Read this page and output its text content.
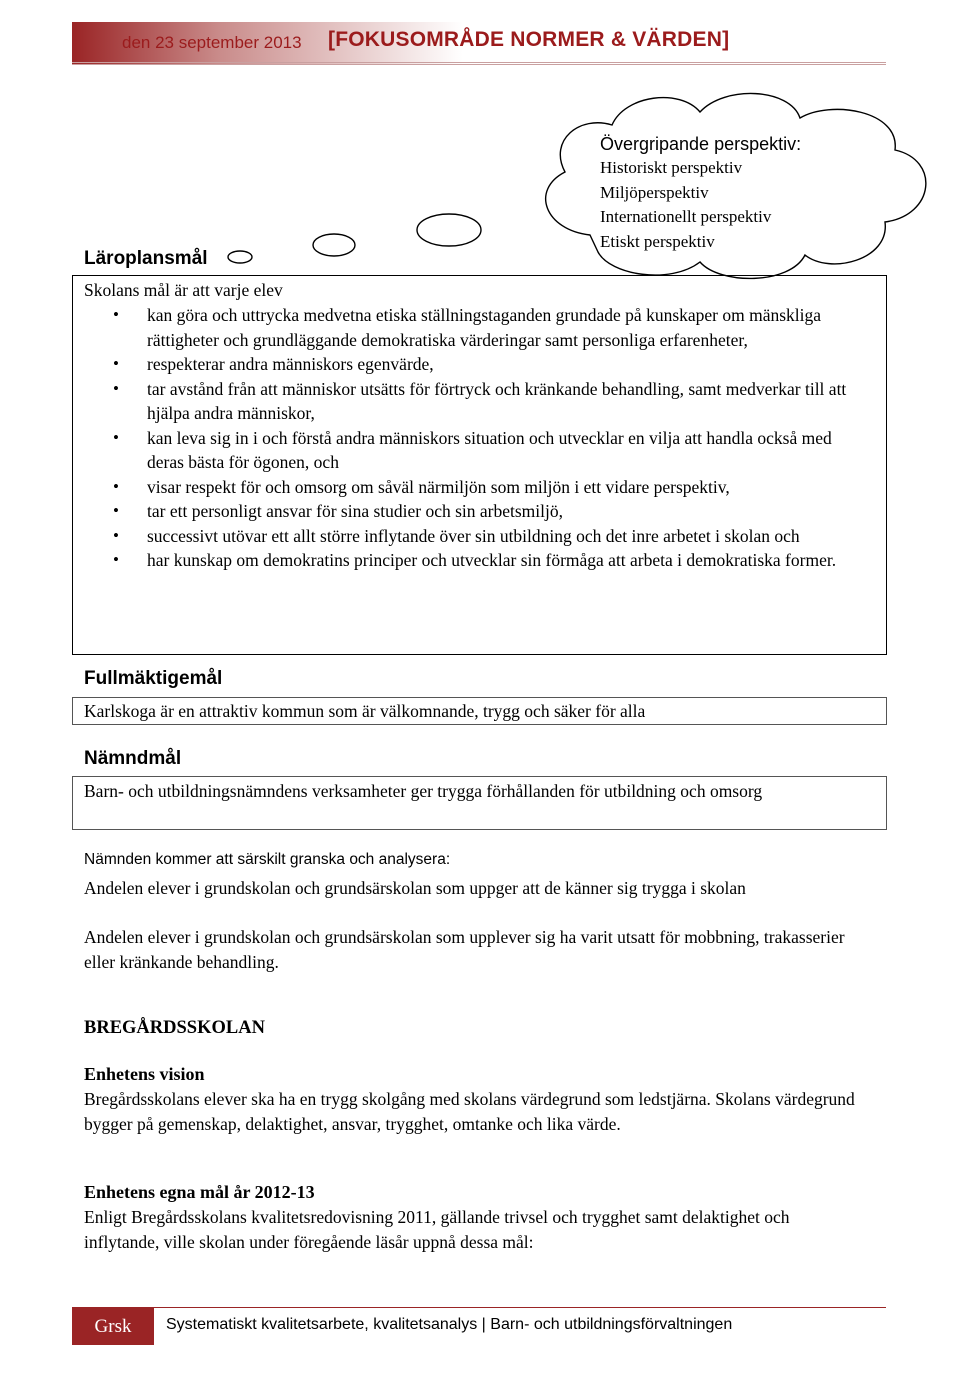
den 23 september 2013 [FOKUSOMRÅDE NORMER & VÄRDEN]
Övergripande perspektiv:
Historiskt perspektiv
Miljöperspektiv
Internationellt perspektiv
Etiskt perspektiv
Läroplansmål
Skolans mål är att varje elev
• kan göra och uttrycka medvetna etiska ställningstaganden grundade på kunskaper om mänskliga rättigheter och grundläggande demokratiska värderingar samt personliga erfarenheter,
• respekterar andra människors egenvärde,
• tar avstånd från att människor utsätts för förtryck och kränkande behandling, samt medverkar till att hjälpa andra människor,
• kan leva sig in i och förstå andra människors situation och utvecklar en vilja att handla också med deras bästa för ögonen, och
• visar respekt för och omsorg om såväl närmiljön som miljön i ett vidare perspektiv,
• tar ett personligt ansvar för sina studier och sin arbetsmiljö,
• successivt utövar ett allt större inflytande över sin utbildning och det inre arbetet i skolan och
• har kunskap om demokratins principer och utvecklar sin förmåga att arbeta i demokratiska former.
Fullmäktigemål
Karlskoga är en attraktiv kommun som är välkomnande, trygg och säker för alla
Nämndmål
Barn- och utbildningsnämndens verksamheter ger trygga förhållanden för utbildning och omsorg
Nämnden kommer att särskilt granska och analysera:
Andelen elever i grundskolan och grundsärskolan som uppger att de känner sig trygga i skolan
Andelen elever i grundskolan och grundsärskolan som upplever sig ha varit utsatt för mobbning, trakasserier eller kränkande behandling.
BREGÅRDSSKOLAN
Enhetens vision
Bregårdsskolans elever ska ha en trygg skolgång med skolans värdegrund som ledstjärna. Skolans värdegrund bygger på gemenskap, delaktighet, ansvar, trygghet, omtanke och lika värde.
Enhetens egna mål år 2012-13
Enligt Bregårdsskolans kvalitetsredovisning 2011, gällande trivsel och trygghet samt delaktighet och inflytande, ville skolan under föregående läsår uppnå dessa mål:
Grsk	Systematiskt kvalitetsarbete, kvalitetsanalys | Barn- och utbildningsförvaltningen
